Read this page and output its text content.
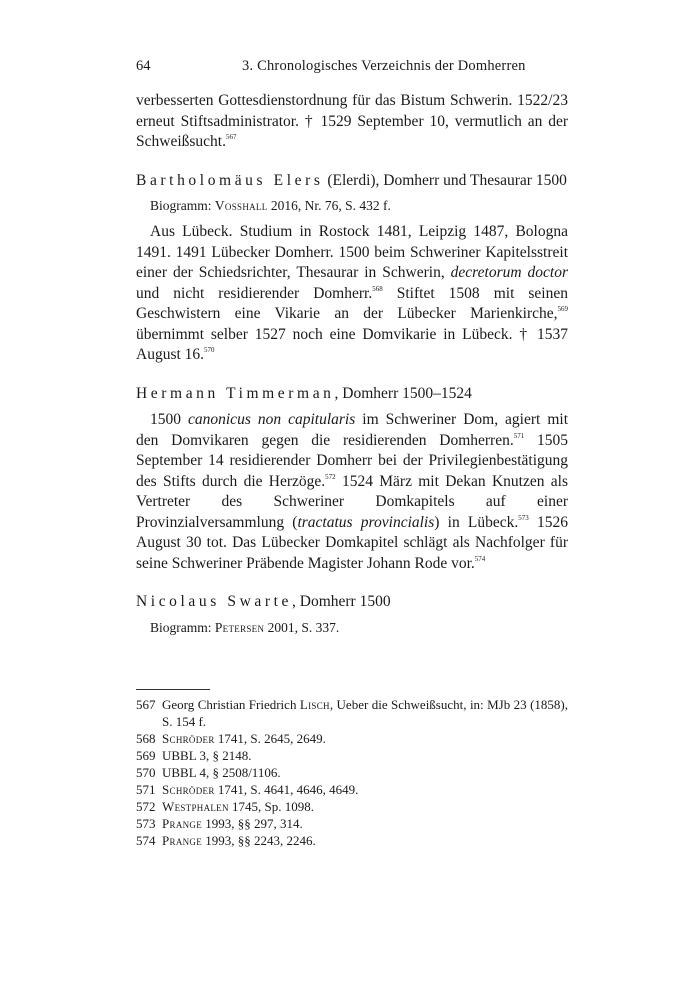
64	3. Chronologisches Verzeichnis der Domherren

verbesserten Gottesdienstordnung für das Bistum Schwerin. 1522/23 erneut Stiftsadministrator. † 1529 September 10, vermutlich an der Schweißsucht.$^{567}$

Bartholomäus Elers (Elerdi), Domherr und Thesaurar 1500
Biogramm: Vosshall 2016, Nr. 76, S. 432 f.

Aus Lübeck. Studium in Rostock 1481, Leipzig 1487, Bologna 1491. 1491 Lübecker Domherr. 1500 beim Schweriner Kapitelsstreit einer der Schiedsrichter, Thesaurar in Schwerin, decretorum doctor und nicht residierender Domherr.$^{568}$ Stiftet 1508 mit seinen Geschwistern eine Vikarie an der Lübecker Marienkirche,$^{569}$ übernimmt selber 1527 noch eine Domvikarie in Lübeck. † 1537 August 16.$^{570}$

Hermann Timmerman, Domherr 1500–1524

1500 canonicus non capitularis im Schweriner Dom, agiert mit den Domvikaren gegen die residierenden Domherren.$^{571}$ 1505 September 14 residierender Domherr bei der Privilegienbestätigung des Stifts durch die Herzöge.$^{572}$ 1524 März mit Dekan Knutzen als Vertreter des Schweriner Domkapitels auf einer Provinzialversammlung (tractatus provincialis) in Lübeck.$^{573}$ 1526 August 30 tot. Das Lübecker Domkapitel schlägt als Nachfolger für seine Schweriner Präbende Magister Johann Rode vor.$^{574}$

Nicolaus Swarte, Domherr 1500
Biogramm: Petersen 2001, S. 337.
567 Georg Christian Friedrich Lisch, Ueber die Schweißsucht, in: MJb 23 (1858), S. 154 f.
568 Schröder 1741, S. 2645, 2649.
569 UBBL 3, § 2148.
570 UBBL 4, § 2508/1106.
571 Schröder 1741, S. 4641, 4646, 4649.
572 Westphalen 1745, Sp. 1098.
573 Prange 1993, §§ 297, 314.
574 Prange 1993, §§ 2243, 2246.
